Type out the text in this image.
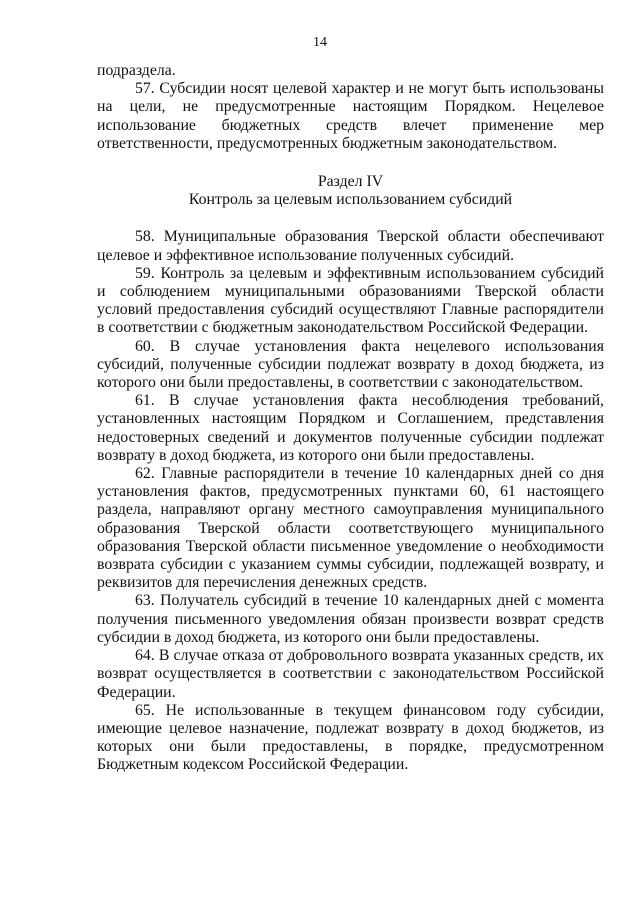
14

подраздела.

57. Субсидии носят целевой характер и не могут быть использованы на цели, не предусмотренные настоящим Порядком. Нецелевое использование бюджетных средств влечет применение мер ответственности, предусмотренных бюджетным законодательством.

Раздел IV

Контроль за целевым использованием субсидий

58. Муниципальные образования Тверской области обеспечивают целевое и эффективное использование полученных субсидий.

59. Контроль за целевым и эффективным использованием субсидий и соблюдением муниципальными образованиями Тверской области условий предоставления субсидий осуществляют Главные распорядители в соответствии с бюджетным законодательством Российской Федерации.

60. В случае установления факта нецелевого использования субсидий, полученные субсидии подлежат возврату в доход бюджета, из которого они были предоставлены, в соответствии с законодательством.

61. В случае установления факта несоблюдения требований, установленных настоящим Порядком и Соглашением, представления недостоверных сведений и документов полученные субсидии подлежат возврату в доход бюджета, из которого они были предоставлены.

62. Главные распорядители в течение 10 календарных дней со дня установления фактов, предусмотренных пунктами 60, 61 настоящего раздела, направляют органу местного самоуправления муниципального образования Тверской области соответствующего муниципального образования Тверской области письменное уведомление о необходимости возврата субсидии с указанием суммы субсидии, подлежащей возврату, и реквизитов для перечисления денежных средств.

63. Получатель субсидий в течение 10 календарных дней с момента получения письменного уведомления обязан произвести возврат средств субсидии в доход бюджета, из которого они были предоставлены.

64. В случае отказа от добровольного возврата указанных средств, их возврат осуществляется в соответствии с законодательством Российской Федерации.

65. Не использованные в текущем финансовом году субсидии, имеющие целевое назначение, подлежат возврату в доход бюджетов, из которых они были предоставлены, в порядке, предусмотренном Бюджетным кодексом Российской Федерации.
